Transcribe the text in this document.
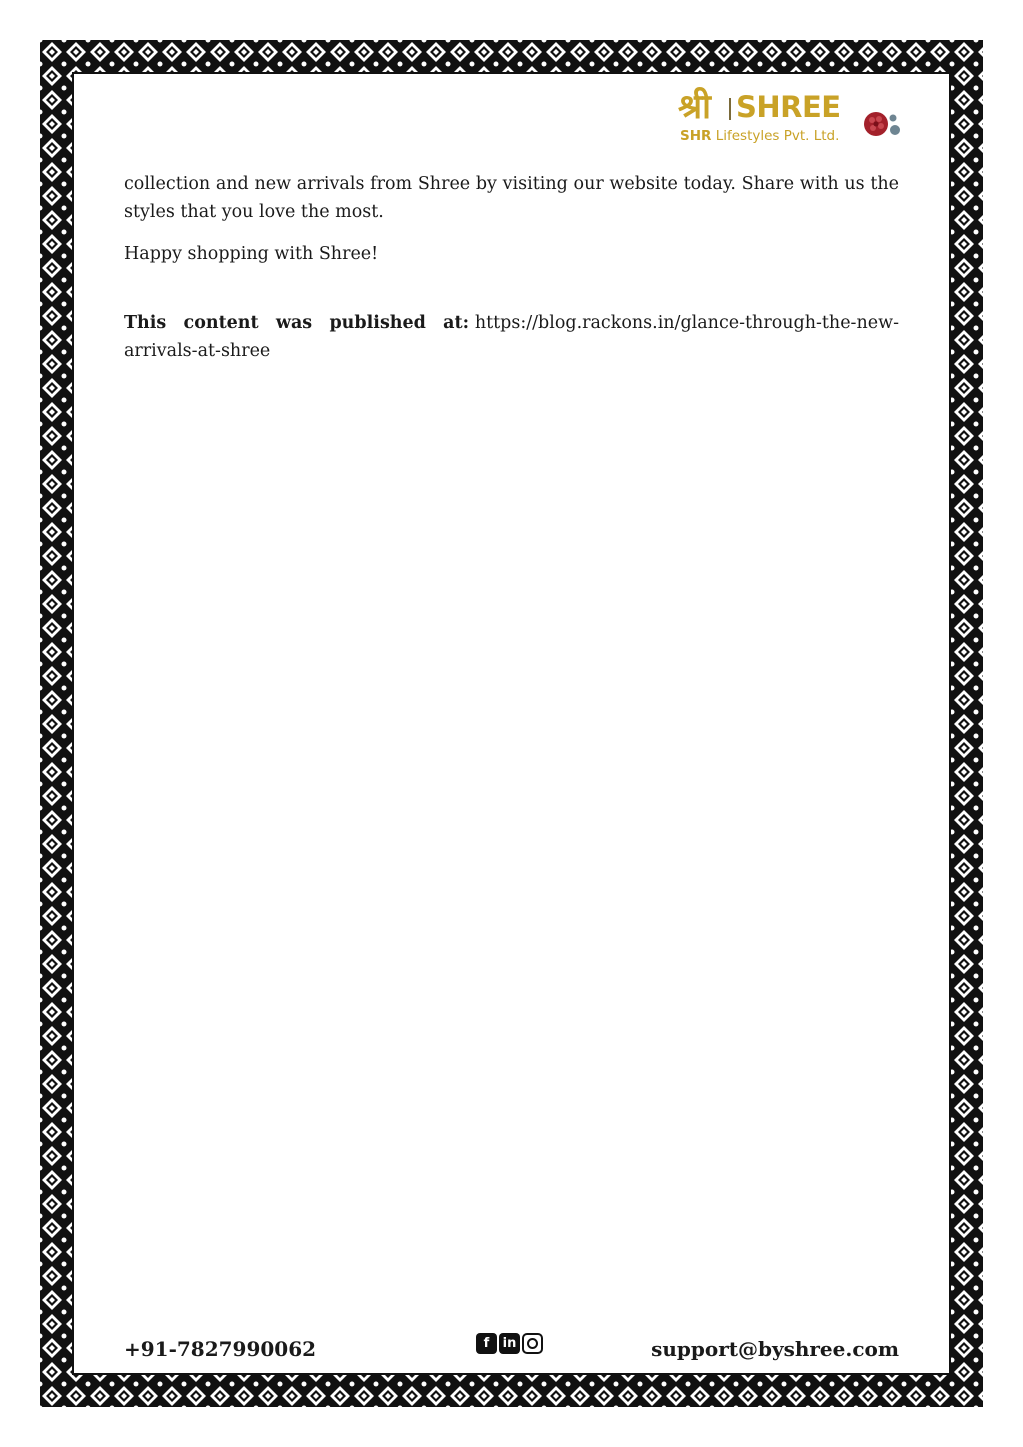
श्री SHREE
SHR Lifestyles Pvt. Ltd.

collection and new arrivals from Shree by visiting our website today. Share with us the styles that you love the most.

Happy shopping with Shree!

This content was published at: https://blog.rackons.in/glance-through-the-new-arrivals-at-shree

+91-7827990062	f	in	support@byshree.com
